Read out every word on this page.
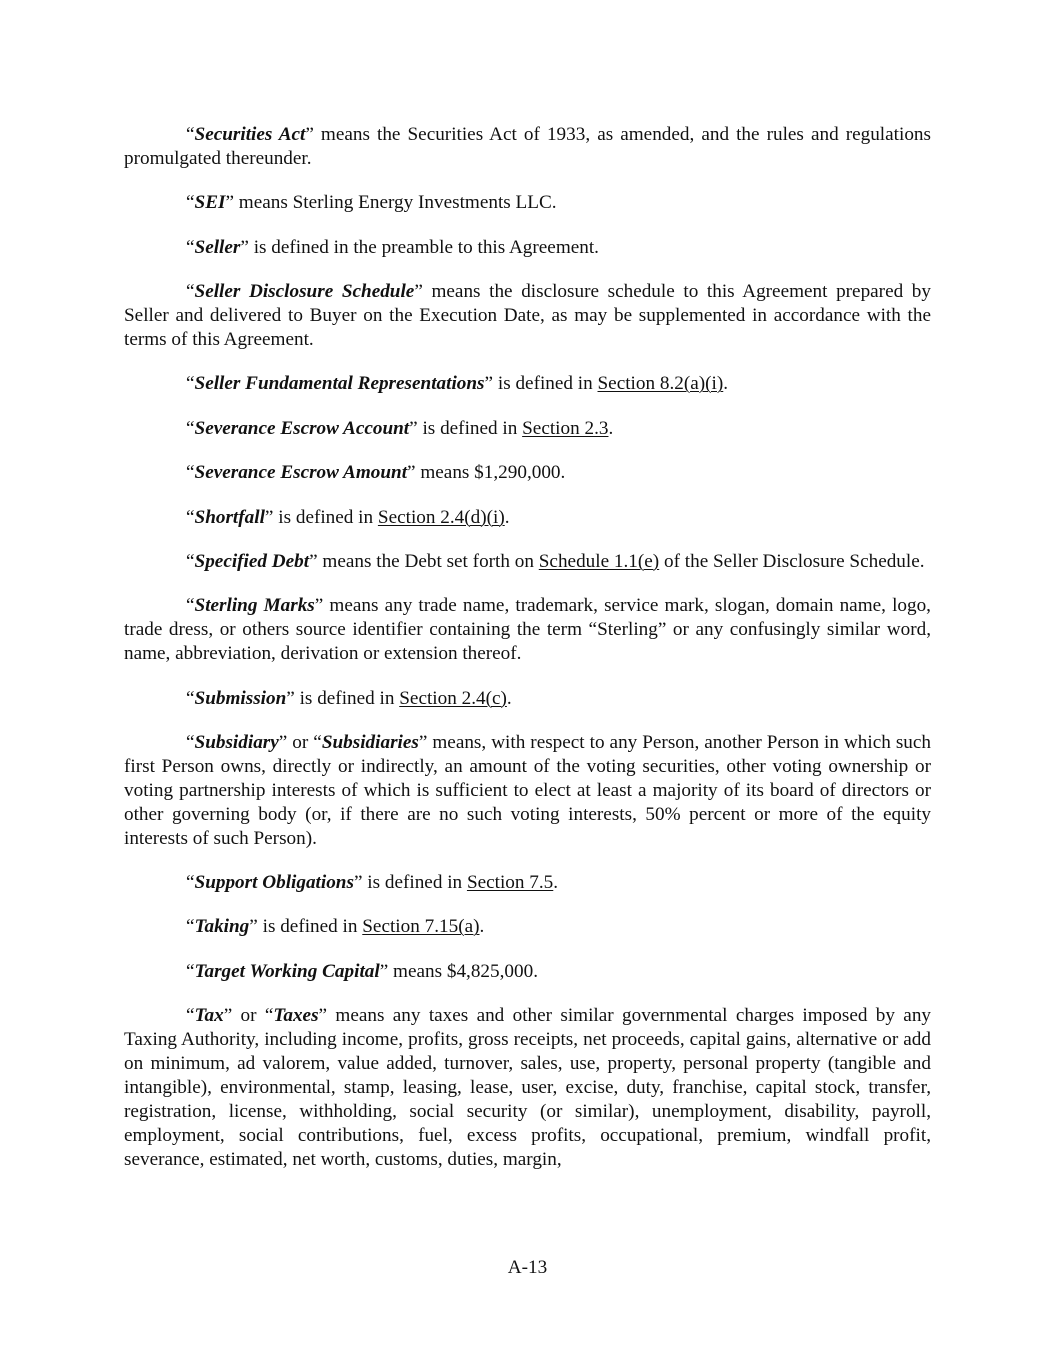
“Securities Act” means the Securities Act of 1933, as amended, and the rules and regulations promulgated thereunder.

“SEI” means Sterling Energy Investments LLC.

“Seller” is defined in the preamble to this Agreement.

“Seller Disclosure Schedule” means the disclosure schedule to this Agreement prepared by Seller and delivered to Buyer on the Execution Date, as may be supplemented in accordance with the terms of this Agreement.

“Seller Fundamental Representations” is defined in Section 8.2(a)(i).

“Severance Escrow Account” is defined in Section 2.3.

“Severance Escrow Amount” means $1,290,000.

“Shortfall” is defined in Section 2.4(d)(i).

“Specified Debt” means the Debt set forth on Schedule 1.1(e) of the Seller Disclosure Schedule.

“Sterling Marks” means any trade name, trademark, service mark, slogan, domain name, logo, trade dress, or others source identifier containing the term “Sterling” or any confusingly similar word, name, abbreviation, derivation or extension thereof.

“Submission” is defined in Section 2.4(c).

“Subsidiary” or “Subsidiaries” means, with respect to any Person, another Person in which such first Person owns, directly or indirectly, an amount of the voting securities, other voting ownership or voting partnership interests of which is sufficient to elect at least a majority of its board of directors or other governing body (or, if there are no such voting interests, 50% percent or more of the equity interests of such Person).

“Support Obligations” is defined in Section 7.5.

“Taking” is defined in Section 7.15(a).

“Target Working Capital” means $4,825,000.

“Tax” or “Taxes” means any taxes and other similar governmental charges imposed by any Taxing Authority, including income, profits, gross receipts, net proceeds, capital gains, alternative or add on minimum, ad valorem, value added, turnover, sales, use, property, personal property (tangible and intangible), environmental, stamp, leasing, lease, user, excise, duty, franchise, capital stock, transfer, registration, license, withholding, social security (or similar), unemployment, disability, payroll, employment, social contributions, fuel, excess profits, occupational, premium, windfall profit, severance, estimated, net worth, customs, duties, margin,

A-13
